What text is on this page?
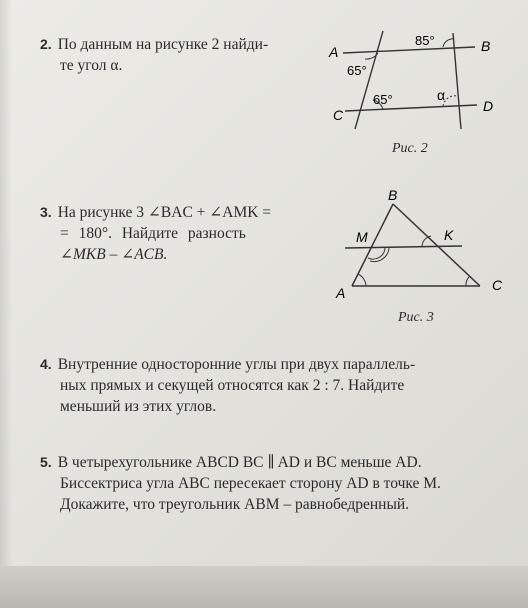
2. По данным на рисунке 2 найди-
те угол α.
85°
65°
65°	α
A	B
C
D
Рис. 2
3. На рисунке 3 ∠BAC + ∠AMK =
= 180°. Найдите разность
∠MKB – ∠ACB.
B
M	K
A	C
Рис. 3
4. Внутренние односторонние углы при двух параллель-
ных прямых и секущей относятся как 2 : 7. Найдите
меньший из этих углов.
5. В четырехугольнике ABCD BC ∥ AD и BC меньше AD.
Биссектриса угла ABC пересекает сторону AD в точке M.
Докажите, что треугольник ABM – равнобедренный.
